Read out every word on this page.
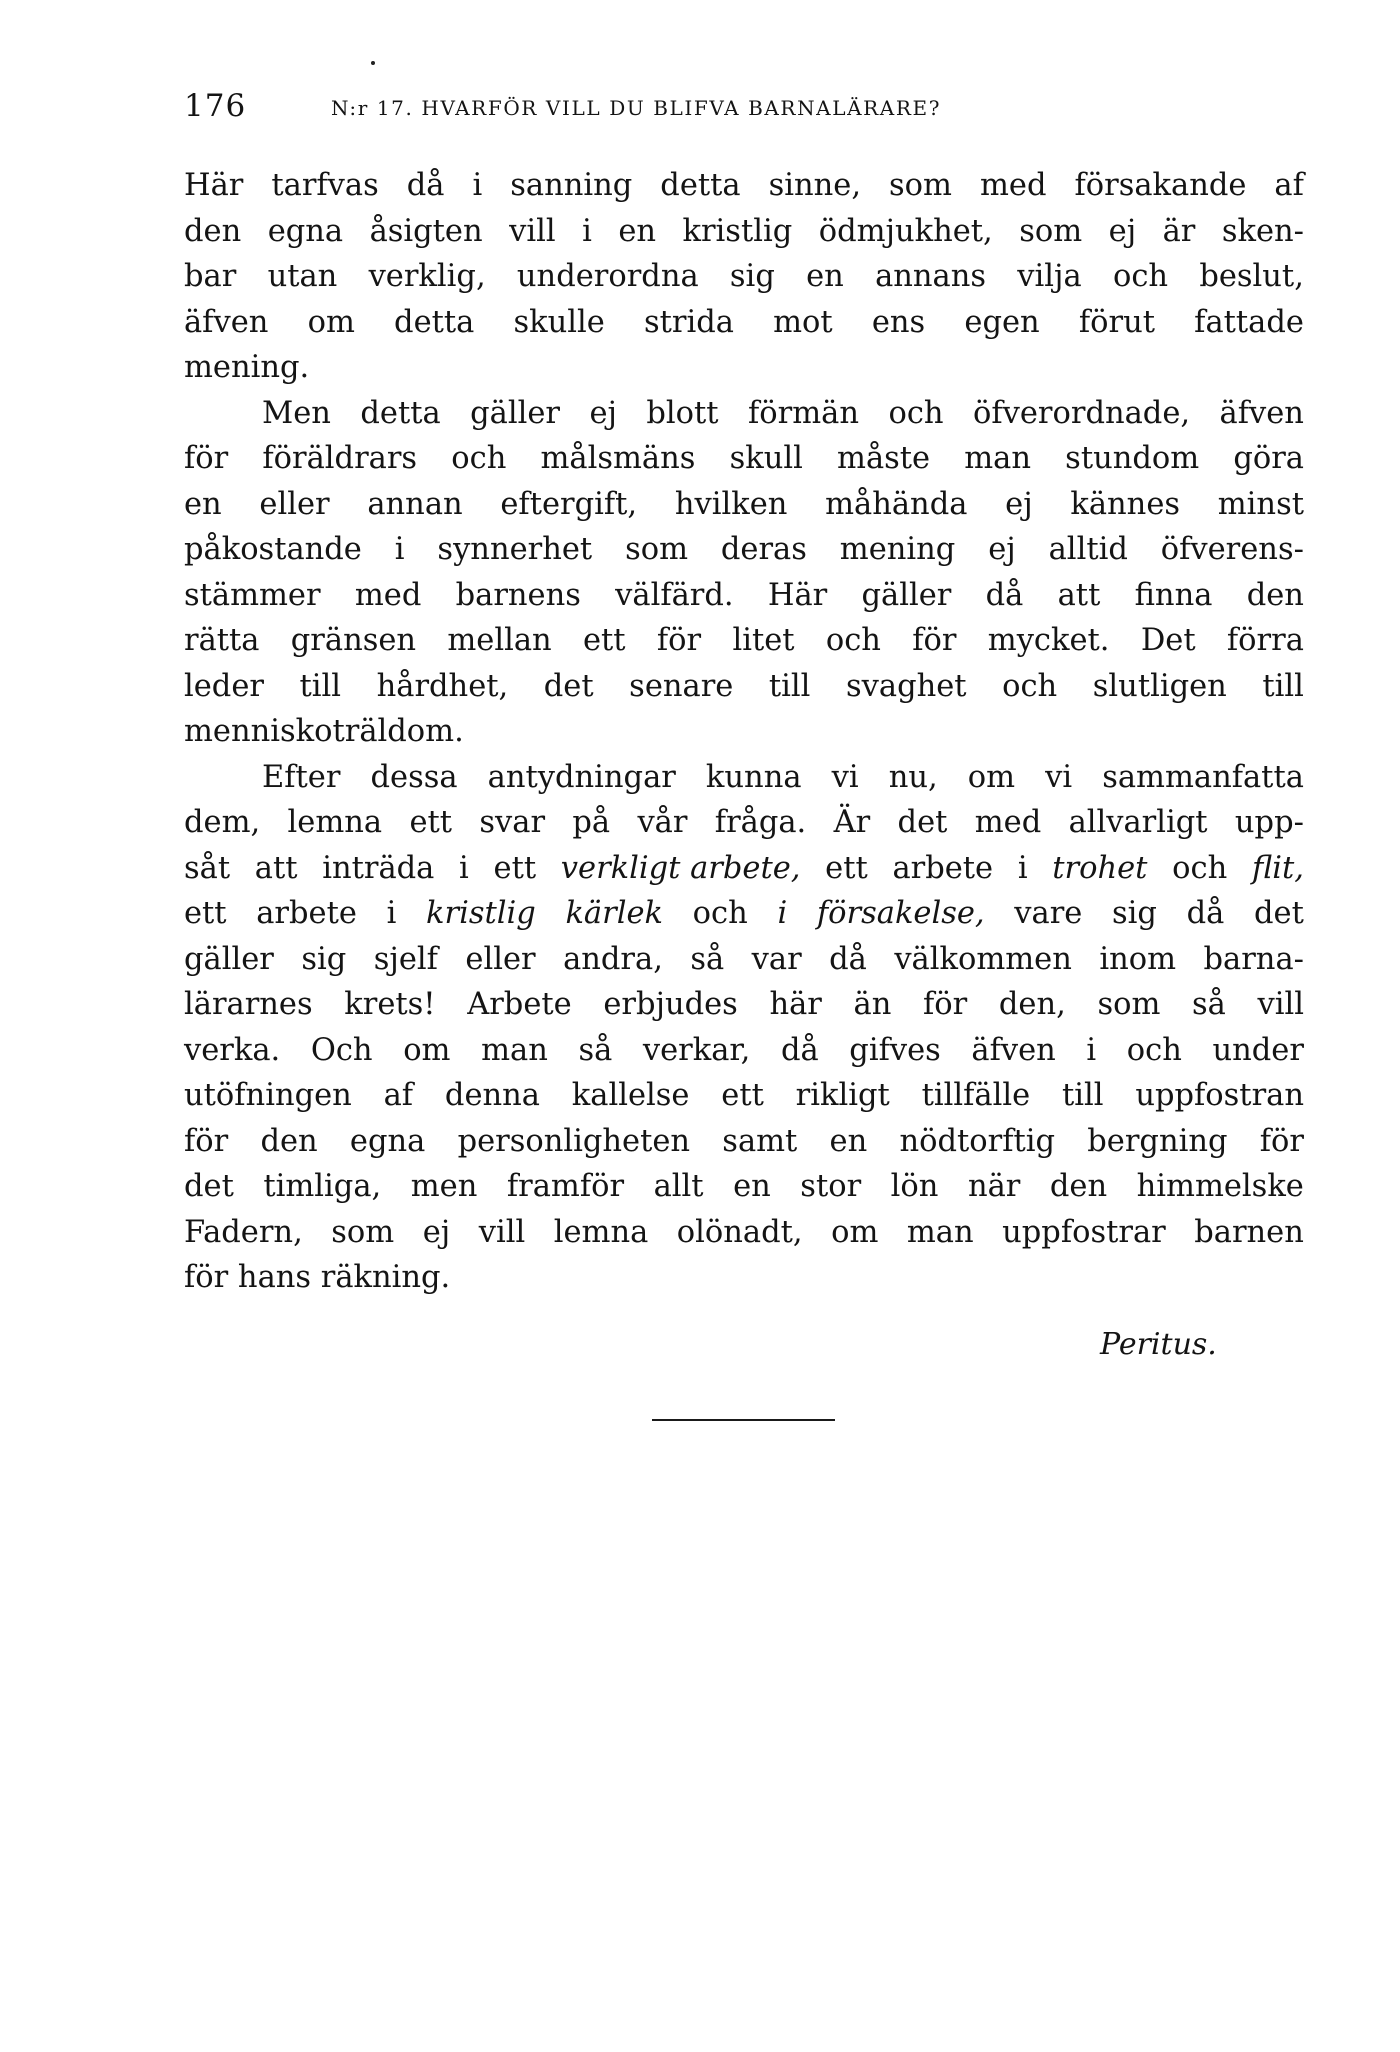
176	N:r 17. HVARFÖR VILL DU BLIFVA BARNALÄRARE?
Här tarfvas då i sanning detta sinne, som med försakande af
den egna åsigten vill i en kristlig ödmjukhet, som ej är sken-
bar utan verklig, underordna sig en annans vilja och beslut,
äfven om detta skulle strida mot ens egen förut fattade
mening.
Men detta gäller ej blott förmän och öfverordnade, äfven
för föräldrars och målsmäns skull måste man stundom göra
en eller annan eftergift, hvilken måhända ej kännes minst
påkostande i synnerhet som deras mening ej alltid öfverens-
stämmer med barnens välfärd. Här gäller då att finna den
rätta gränsen mellan ett för litet och för mycket. Det förra
leder till hårdhet, det senare till svaghet och slutligen till
menniskoträldom.
Efter dessa antydningar kunna vi nu, om vi sammanfatta
dem, lemna ett svar på vår fråga. Är det med allvarligt upp-
såt att inträda i ett verkligt arbete, ett arbete i trohet och flit,
ett arbete i kristlig kärlek och i försakelse, vare sig då det
gäller sig sjelf eller andra, så var då välkommen inom barna-
lärarnes krets! Arbete erbjudes här än för den, som så vill
verka. Och om man så verkar, då gifves äfven i och under
utöfningen af denna kallelse ett rikligt tillfälle till uppfostran
för den egna personligheten samt en nödtorftig bergning för
det timliga, men framför allt en stor lön när den himmelske
Fadern, som ej vill lemna olönadt, om man uppfostrar barnen
för hans räkning.
Peritus.
